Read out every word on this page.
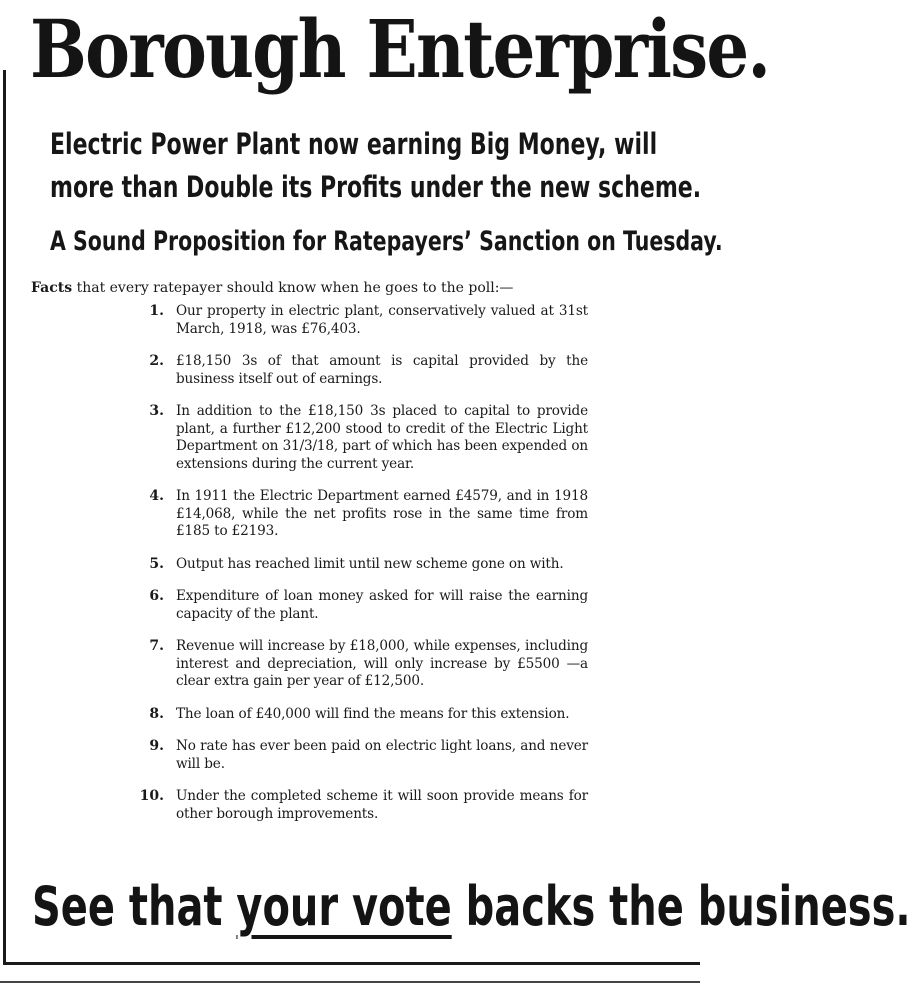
Borough Enterprise.
Electric Power Plant now earning Big Money, will
more than Double its Profits under the new scheme.
A Sound Proposition for Ratepayers’ Sanction on Tuesday.
Facts that every ratepayer should know when he goes to the poll:—
1. Our property in electric plant, conservatively valued at 31st March, 1918, was £76,403.
2. £18,150 3s of that amount is capital provided by the business itself out of earnings.
3. In addition to the £18,150 3s placed to capital to provide plant, a further £12,200 stood to credit of the Electric Light Department on 31/3/18, part of which has been expended on extensions during the current year.
4. In 1911 the Electric Department earned £4579, and in 1918 £14,068, while the net profits rose in the same time from £185 to £2193.
5. Output has reached limit until new scheme gone on with.
6. Expenditure of loan money asked for will raise the earning capacity of the plant.
7. Revenue will increase by £18,000, while expenses, including interest and depreciation, will only increase by £5500 —a clear extra gain per year of £12,500.
8. The loan of £40,000 will find the means for this extension.
9. No rate has ever been paid on electric light loans, and never will be.
10. Under the completed scheme it will soon provide means for other borough improvements.
See that your vote backs the business.
